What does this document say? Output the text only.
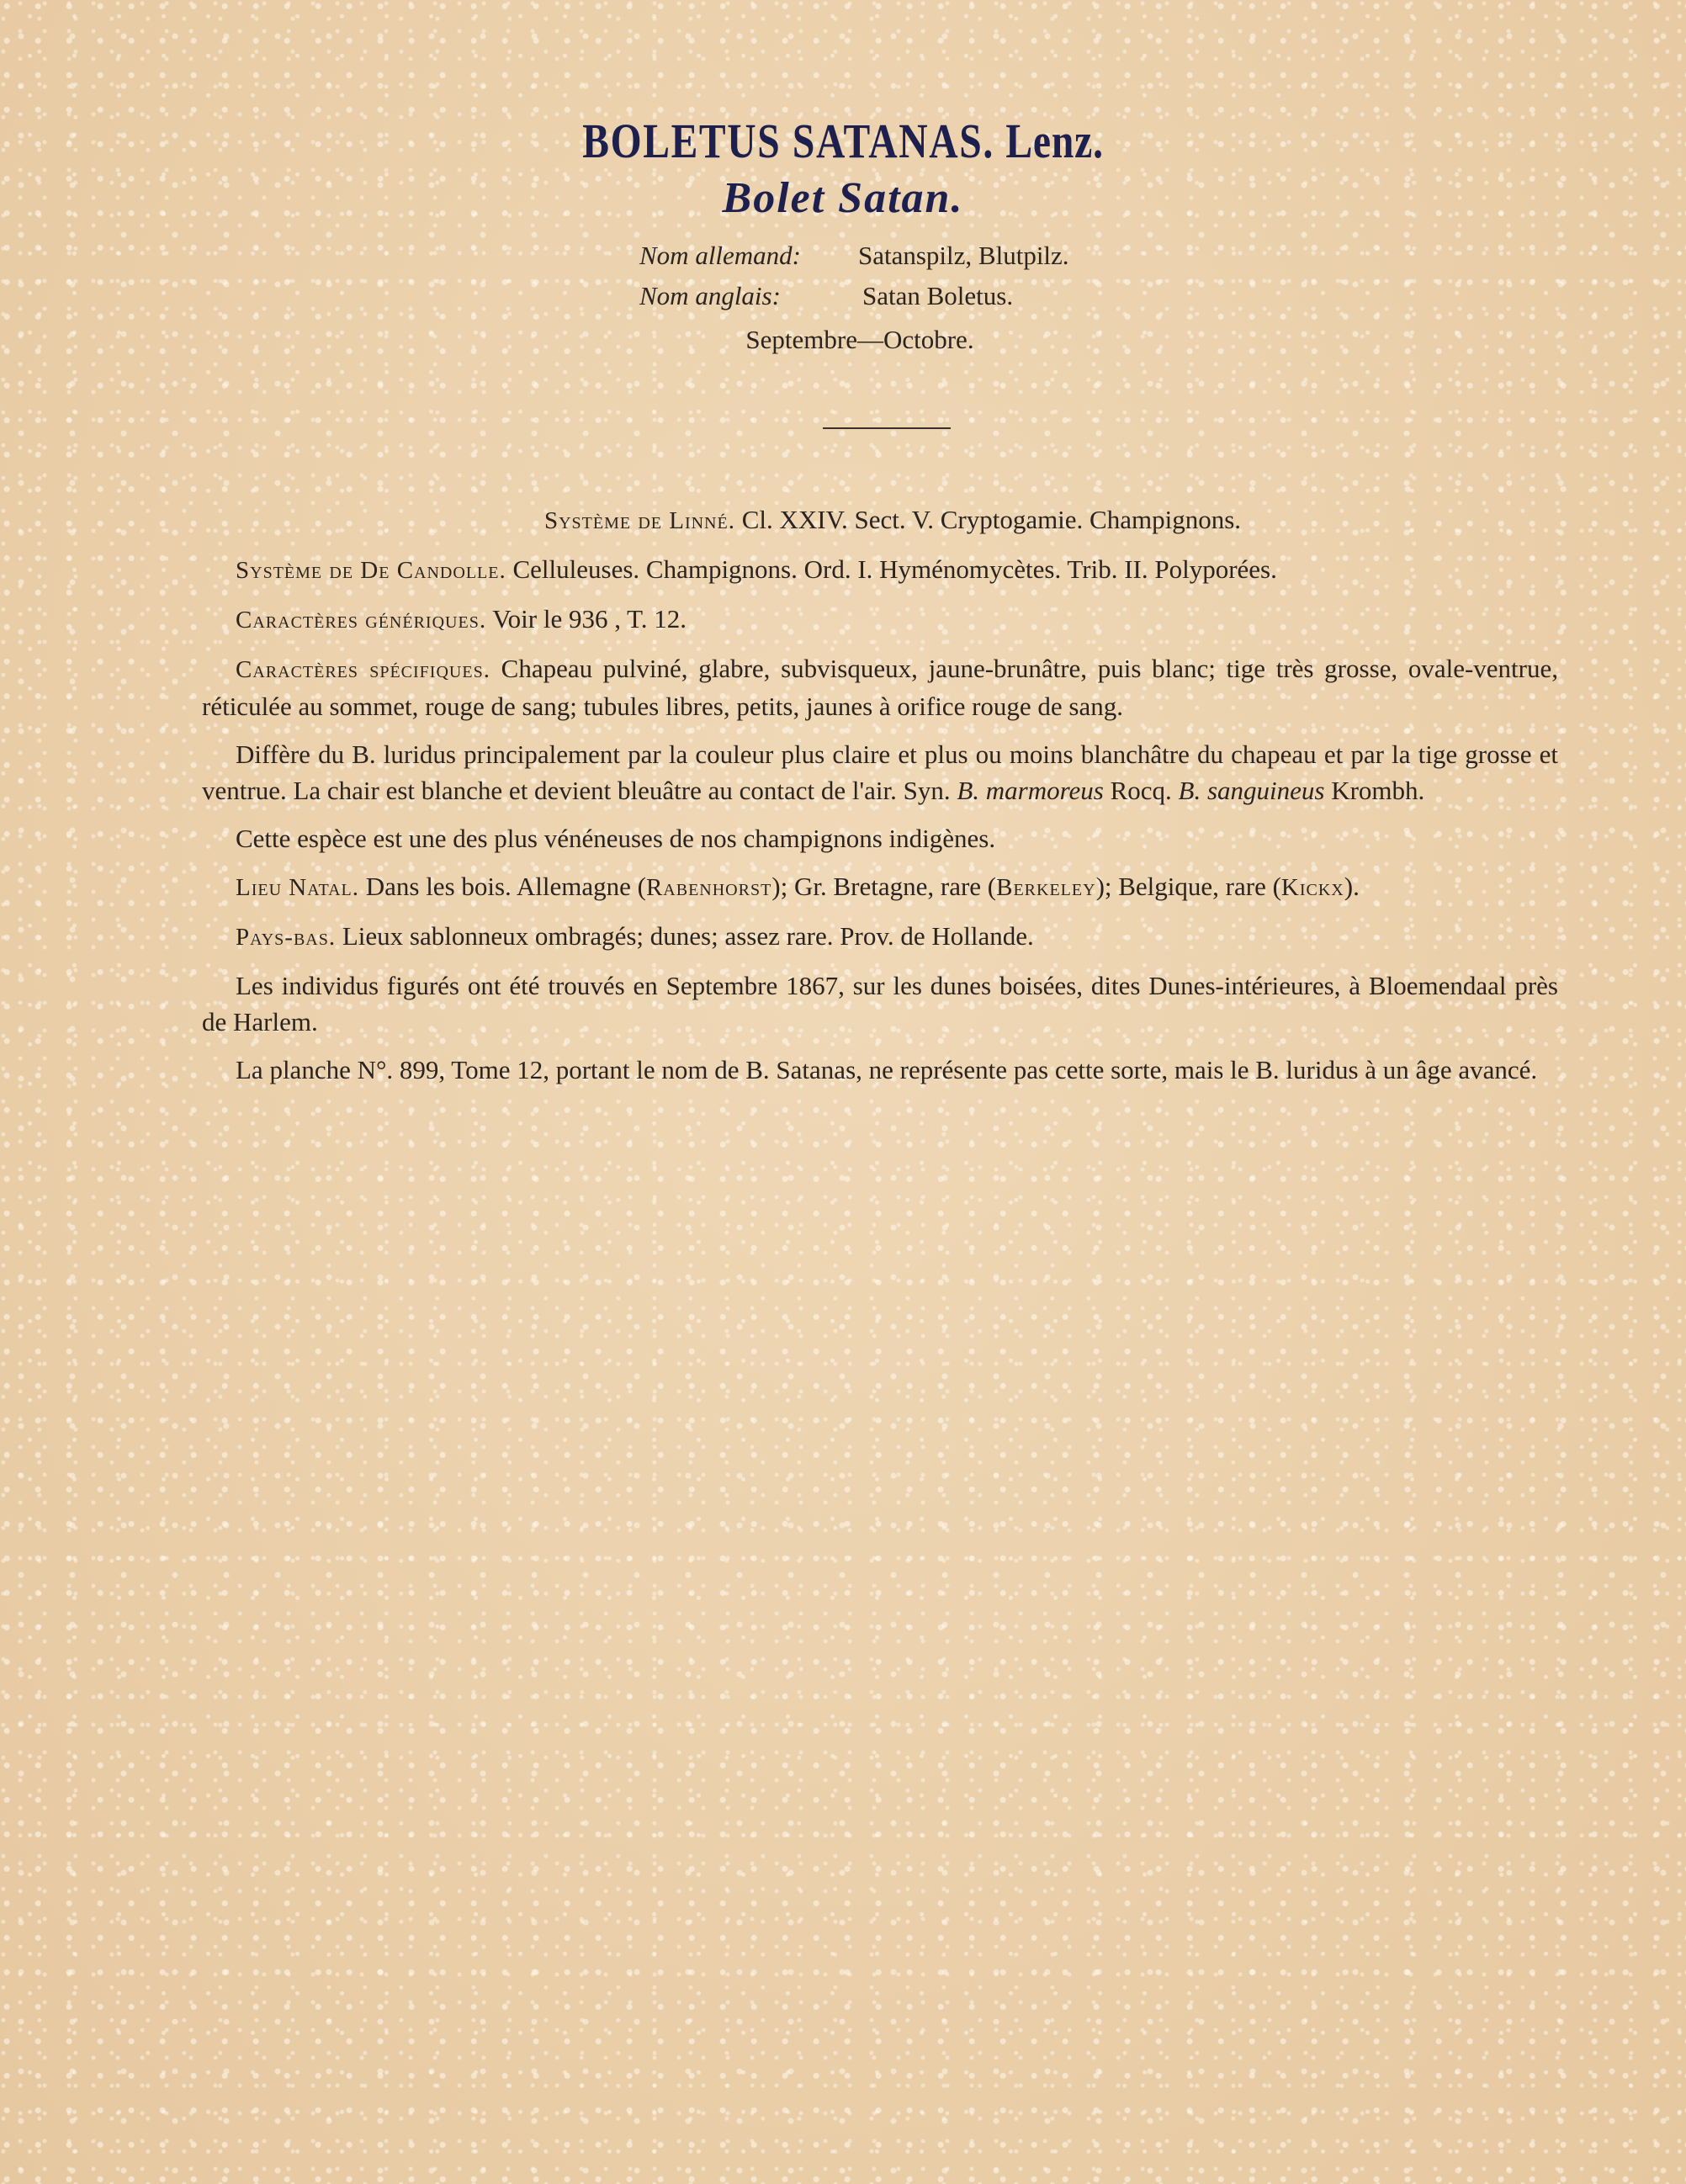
BOLETUS SATANAS. Lenz.
Bolet Satan.
Nom allemand: Satanspilz, Blutpilz.
Nom anglais:	Satan Boletus.
Septembre—Octobre.

Système de Linné. Cl. XXIV. Sect. V. Cryptogamie. Champignons.

Système de De Candolle. Celluleuses. Champignons. Ord. I. Hyménomycètes. Trib. II. Polyporées.

Caractères génériques. Voir le 936 , T. 12.

Caractères spécifiques. Chapeau pulviné, glabre, subvisqueux, jaune-brunâtre, puis blanc; tige très grosse, ovale-ventrue, réticulée au sommet, rouge de sang; tubules libres, petits, jaunes à orifice rouge de sang.

Diffère du B. luridus principalement par la couleur plus claire et plus ou moins blanchâtre du chapeau et par la tige grosse et ventrue. La chair est blanche et devient bleuâtre au contact de l'air. Syn. B. marmoreus Rocq. B. sanguineus Krombh.

Cette espèce est une des plus vénéneuses de nos champignons indigènes.

Lieu Natal. Dans les bois. Allemagne (Rabenhorst); Gr. Bretagne, rare (Berkeley); Belgique, rare (Kickx).

Pays-bas. Lieux sablonneux ombragés; dunes; assez rare. Prov. de Hollande.

Les individus figurés ont été trouvés en Septembre 1867, sur les dunes boisées, dites Dunes-intérieures, à Bloemendaal près de Harlem.

La planche N°. 899, Tome 12, portant le nom de B. Satanas, ne représente pas cette sorte, mais le B. luridus à un âge avancé.
